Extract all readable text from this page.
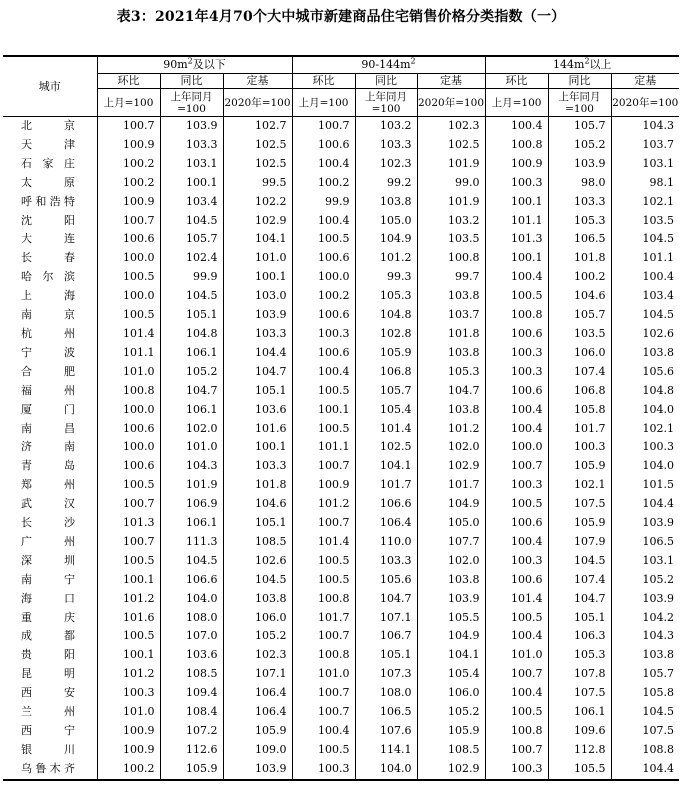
表3：2021年4月70个大中城市新建商品住宅销售价格分类指数（一）
城市	$90m^2$及以下			$90-144m^2$			$144m^2$以上		
	环比	同比	定基	环比	同比	定基	环比	同比	定基
	上月=100	上年同月=100	2020年=100	上月=100	上年同月=100	2020年=100	上月=100	上年同月=100	2020年=100
北京	100.7	103.9	102.7	100.7	103.2	102.3	100.4	105.7	104.3
天津	100.9	103.3	102.5	100.6	103.3	102.5	100.8	105.2	103.7
石家庄	100.2	103.1	102.5	100.4	102.3	101.9	100.9	103.9	103.1
太原	100.2	100.1	99.5	100.2	99.2	99.0	100.3	98.0	98.1
呼和浩特	100.9	103.4	102.2	99.9	103.8	101.9	100.1	103.3	102.1
沈阳	100.7	104.5	102.9	100.4	105.0	103.2	101.1	105.3	103.5
大连	100.6	105.7	104.1	100.5	104.9	103.5	101.3	106.5	104.5
长春	100.0	102.4	101.0	100.6	101.2	100.8	100.1	101.8	101.1
哈尔滨	100.5	99.9	100.1	100.0	99.3	99.7	100.4	100.2	100.4
上海	100.0	104.5	103.0	100.2	105.3	103.8	100.5	104.6	103.4
南京	100.5	105.1	103.9	100.6	104.8	103.7	100.8	105.7	104.5
杭州	101.4	104.8	103.3	100.3	102.8	101.8	100.6	103.5	102.6
宁波	101.1	106.1	104.4	100.6	105.9	103.8	100.3	106.0	103.8
合肥	101.0	105.2	104.7	100.4	106.8	105.3	100.3	107.4	105.6
福州	100.8	104.7	105.1	100.5	105.7	104.7	100.6	106.8	104.8
厦门	100.0	106.1	103.6	100.1	105.4	103.8	100.4	105.8	104.0
南昌	100.6	102.0	101.6	100.5	101.4	101.2	100.4	101.7	102.1
济南	100.0	101.0	100.1	101.1	102.5	102.0	100.0	100.3	100.3
青岛	100.6	104.3	103.3	100.7	104.1	102.9	100.7	105.9	104.0
郑州	100.5	101.9	101.8	100.9	101.7	101.7	100.3	102.1	101.5
武汉	100.7	106.9	104.6	101.2	106.6	104.9	100.5	107.5	104.4
长沙	101.3	106.1	105.1	100.7	106.4	105.0	100.6	105.9	103.9
广州	100.7	111.3	108.5	101.4	110.0	107.7	100.4	107.9	106.5
深圳	100.5	104.5	102.6	100.5	103.3	102.0	100.3	104.5	103.1
南宁	100.1	106.6	104.5	100.5	105.6	103.8	100.6	107.4	105.2
海口	101.2	104.0	103.8	100.8	104.7	103.9	101.4	104.7	103.9
重庆	101.6	108.0	106.0	101.7	107.1	105.5	100.5	105.1	104.2
成都	100.5	107.0	105.2	100.7	106.7	104.9	100.4	106.3	104.3
贵阳	100.1	103.6	102.3	100.8	105.1	104.1	101.0	105.3	103.8
昆明	101.2	108.5	107.1	101.0	107.3	105.4	100.7	107.8	105.7
西安	100.3	109.4	106.4	100.7	108.0	106.0	100.4	107.5	105.8
兰州	101.0	108.4	106.4	100.7	106.5	105.2	100.5	106.1	104.5
西宁	100.9	107.2	105.9	100.4	107.6	105.9	100.8	109.6	107.5
银川	100.9	112.6	109.0	100.5	114.1	108.5	100.7	112.8	108.8
乌鲁木齐	100.2	105.9	103.9	100.3	104.0	102.9	100.3	105.5	104.4
